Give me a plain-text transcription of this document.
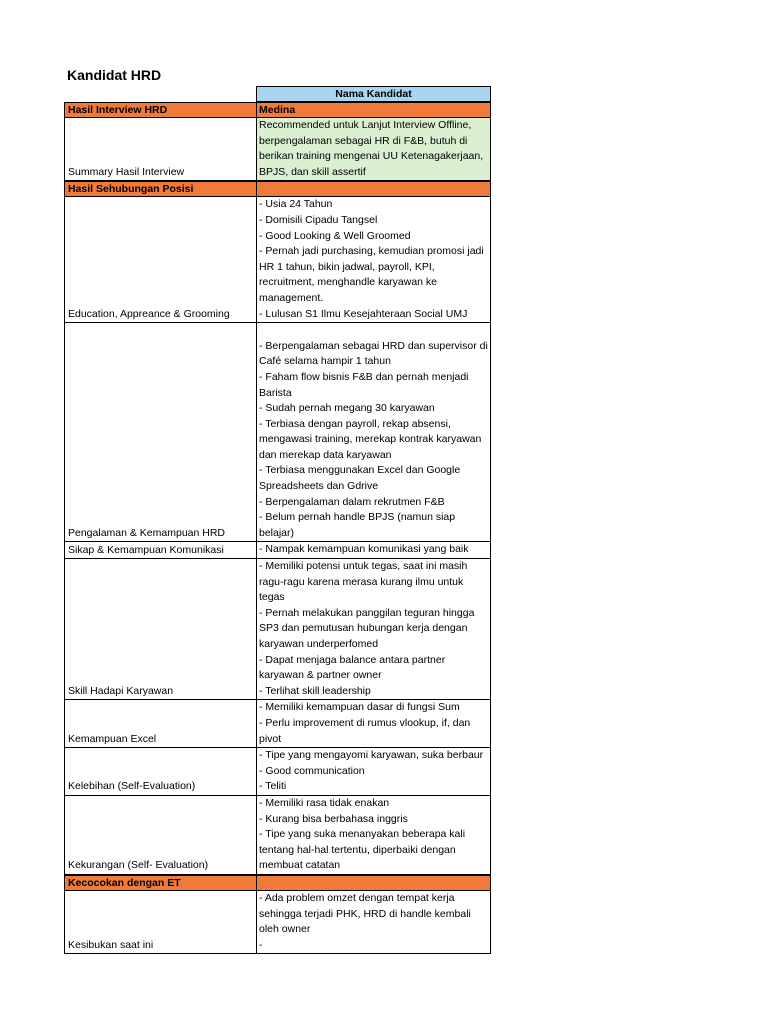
Kandidat HRD
Nama Kandidat
Hasil Interview HRD	Medina
Summary Hasil Interview
Recommended untuk Lanjut Interview Offline,
berpengalaman sebagai HR di F&B, butuh di
berikan training mengenai UU Ketenagakerjaan,
BPJS, dan skill assertif
Hasil Sehubungan Posisi

Education, Appreance & Grooming
- Usia 24 Tahun
- Domisili Cipadu Tangsel
- Good Looking & Well Groomed
- Pernah jadi purchasing, kemudian promosi jadi
HR 1 tahun, bikin jadwal, payroll, KPI,
recruitment, menghandle karyawan ke
management.
- Lulusan S1 Ilmu Kesejahteraan Social UMJ
Pengalaman & Kemampuan HRD

- Berpengalaman sebagai HRD dan supervisor di
Café selama hampir 1 tahun
- Faham flow bisnis F&B dan pernah menjadi
Barista
- Sudah pernah megang 30 karyawan
- Terbiasa dengan payroll, rekap absensi,
mengawasi training, merekap kontrak karyawan
dan merekap data karyawan
- Terbiasa menggunakan Excel dan Google
Spreadsheets dan Gdrive
- Berpengalaman dalam rekrutmen F&B
- Belum pernah handle BPJS (namun siap belajar)
Sikap & Kemampuan Komunikasi	- Nampak kemampuan komunikasi yang baik
Skill Hadapi Karyawan
- Memiliki potensi untuk tegas, saat ini masih
ragu-ragu karena merasa kurang ilmu untuk
tegas
- Pernah melakukan panggilan teguran hingga
SP3 dan pemutusan hubungan kerja dengan
karyawan underperfomed
- Dapat menjaga balance antara partner
karyawan & partner owner
- Terlihat skill leadership
Kemampuan Excel
- Memiliki kemampuan dasar di fungsi Sum
- Perlu improvement di rumus vlookup, if, dan
pivot
Kelebihan (Self-Evaluation)
- Tipe yang mengayomi karyawan, suka berbaur
- Good communication
- Teliti
Kekurangan (Self- Evaluation)
- Memiliki rasa tidak enakan
- Kurang bisa berbahasa inggris
- Tipe yang suka menanyakan beberapa kali
tentang hal-hal tertentu, diperbaiki dengan
membuat catatan
Kecocokan dengan ET

Kesibukan saat ini
- Ada problem omzet dengan tempat kerja
sehingga terjadi PHK, HRD di handle kembali
oleh owner
-
